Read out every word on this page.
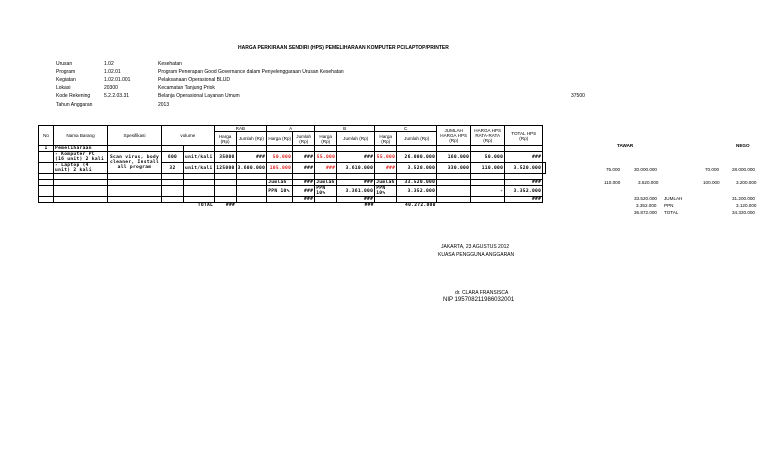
HARGA PERKIRAAN SENDIRI (HPS) PEMELIHARAAN KOMPUTER PC/LAPTOP/PRINTER
Urusan	1.02	Kesehatan
Program	1.02.01	Program Penerapan Good Governance dalam Penyelenggaraan Urusan Kesehatan
Kegiatan	1.02.01.001	Pelaksanaan Operasional BLUD
Lokasi	20300	Kecamatan Tanjung Priok
Kode Rekening	5.2.2.03.31	Belanja Operasional Layanan Umum
Tahun Anggaran	2013
37500
No	Nama Barang	Spesifikasi	volume		RAB		A		B		C		JUMLAH HARGA HPS (Rp)	HARGA HPS RATA-RATA (Rp)	TOTAL HPS (Rp)	
					Harga (Rp)	Jumlah (Rp)	Harga (Rp)	Jumlah (Rp)	Harga (Rp)	Jumlah (Rp)	Harga (Rp)	Jumlah (Rp)				
1	Pemeliharaan															
	- Komputer PC (16 unit) 2 kali	Scan virus, body cleaner, Install all program	600	unit/kali	35000	###	50.000	###	55.000	###	55.000	26.000.000	160.000	50.000	###	
	- Laptop (4 unit) 2 kali		32	unit/kali	125000	3.600.000	105.000	###	###	3.610.000	###	3.520.000	330.000	110.000	3.520.000	

							Jumlah	###	Jumlah	###	Jumlah	33.520.000			###	
							PPN 10%	###	PPN 10%	3.361.000	PPN 10%	3.352.000		-	3.352.000	
								###		###					###	
				TOTAL	###					###		40.272.000				
TAWAR	NEGO
75.000	30.000.000	70.000	28.000.000
110.000	3.520.000	100.000	3.200.000
33.520.000 JUMLAH	31.200.000
3.352.000 PPN	3.120.000
36.872.000 TOTAL	34.320.000
JAKARTA, 23 AGUSTUS 2012
KUASA PENGGUNA ANGGARAN
dr. CLARA FRANSISCA
NIP 195708211986032001
